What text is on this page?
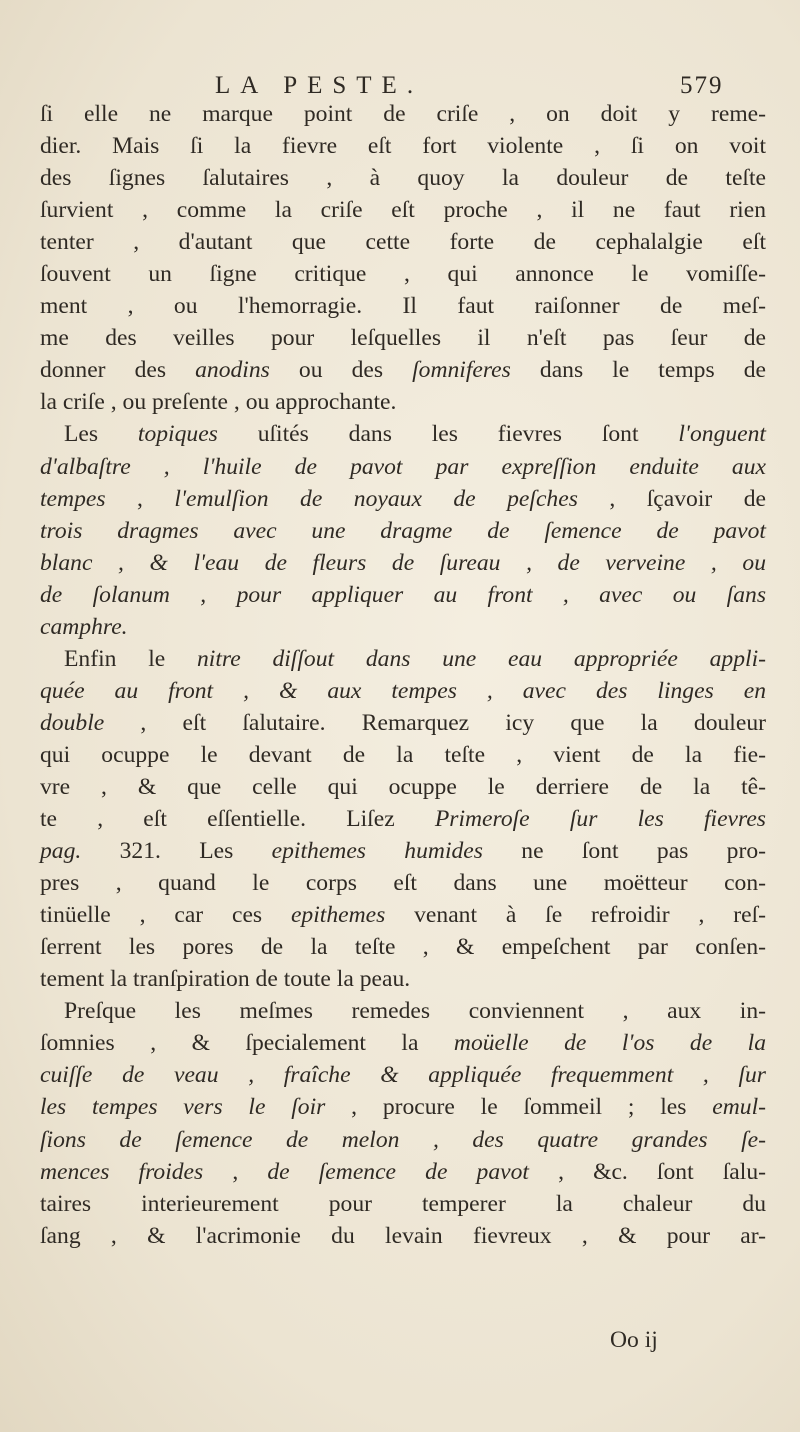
LA PESTE.	579
ſi elle ne marque point de criſe , on doit y reme-
dier. Mais ſi la fievre eſt fort violente , ſi on voit
des ſignes ſalutaires , à quoy la douleur de teſte
ſurvient , comme la criſe eſt proche , il ne faut rien
tenter , d'autant que cette forte de cephalalgie eſt
ſouvent un ſigne critique , qui annonce le vomiſſe-
ment , ou l'hemorragie. Il faut raiſonner de meſ-
me des veilles pour leſquelles il n'eſt pas ſeur de
donner des anodins ou des ſomniferes dans le temps de
la criſe , ou preſente , ou approchante.
Les topiques uſités dans les fievres ſont l'onguent
d'albaſtre , l'huile de pavot par expreſſion enduite aux
tempes , l'emulſion de noyaux de peſches , ſçavoir de
trois dragmes avec une dragme de ſemence de pavot
blanc , & l'eau de fleurs de ſureau , de verveine , ou
de ſolanum , pour appliquer au front , avec ou ſans
camphre.
Enfin le nitre diſſout dans une eau appropriée appli-
quée au front , & aux tempes , avec des linges en
double , eſt ſalutaire. Remarquez icy que la douleur
qui ocuppe le devant de la teſte , vient de la fie-
vre , & que celle qui ocuppe le derriere de la tê-
te , eſt eſſentielle. Liſez Primeroſe ſur les fievres
pag. 321. Les epithemes humides ne ſont pas pro-
pres , quand le corps eſt dans une moëtteur con-
tinüelle , car ces epithemes venant à ſe refroidir , reſ-
ſerrent les pores de la teſte , & empeſchent par conſen-
tement la tranſpiration de toute la peau.
Preſque les meſmes remedes conviennent , aux in-
ſomnies , & ſpecialement la moüelle de l'os de la
cuiſſe de veau , fraîche & appliquée frequemment , ſur
les tempes vers le ſoir , procure le ſommeil ; les emul-
ſions de ſemence de melon , des quatre grandes ſe-
mences froides , de ſemence de pavot , &c. ſont ſalu-
taires interieurement pour temperer la chaleur du
ſang , & l'acrimonie du levain fievreux , & pour ar-
Oo ij
